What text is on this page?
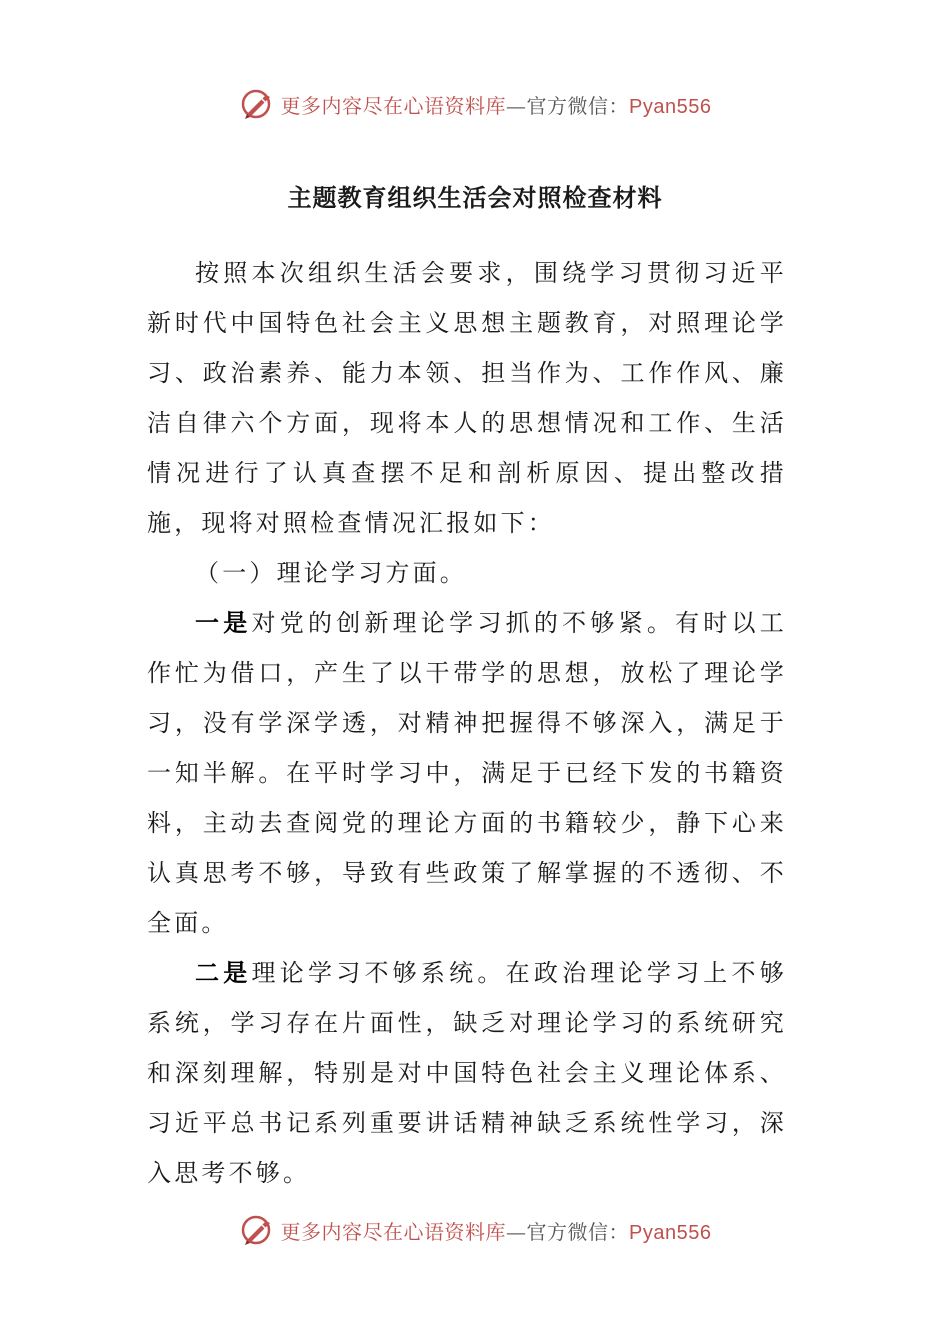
更多内容尽在心语资料库—官方微信：Pyan556
主题教育组织生活会对照检查材料

按照本次组织生活会要求，围绕学习贯彻习近平新时代中国特色社会主义思想主题教育，对照理论学习、政治素养、能力本领、担当作为、工作作风、廉洁自律六个方面，现将本人的思想情况和工作、生活情况进行了认真查摆不足和剖析原因、提出整改措施，现将对照检查情况汇报如下：

（一）理论学习方面。

一是对党的创新理论学习抓的不够紧。有时以工作忙为借口，产生了以干带学的思想，放松了理论学习，没有学深学透，对精神把握得不够深入，满足于一知半解。在平时学习中，满足于已经下发的书籍资料，主动去查阅党的理论方面的书籍较少，静下心来认真思考不够，导致有些政策了解掌握的不透彻、不全面。

二是理论学习不够系统。在政治理论学习上不够系统，学习存在片面性，缺乏对理论学习的系统研究和深刻理解，特别是对中国特色社会主义理论体系、习近平总书记系列重要讲话精神缺乏系统性学习，深入思考不够。

更多内容尽在心语资料库—官方微信：Pyan556
